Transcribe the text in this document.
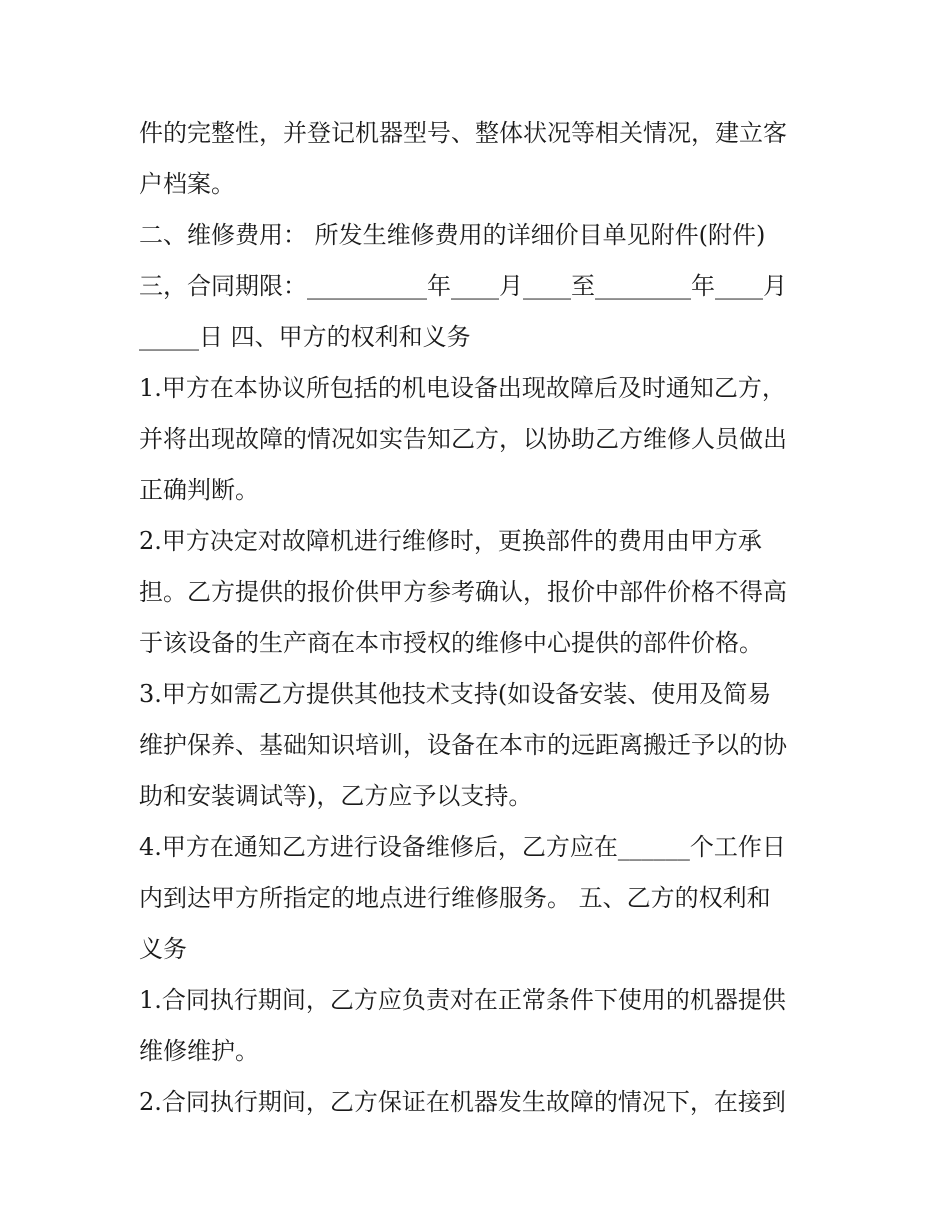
件的完整性，并登记机器型号、整体状况等相关情况，建立客
户档案。
二、维修费用： 所发生维修费用的详细价目单见附件(附件)
三，合同期限：__________年____月____至________年____月
_____日 四、甲方的权利和义务
1.甲方在本协议所包括的机电设备出现故障后及时通知乙方，
并将出现故障的情况如实告知乙方，以协助乙方维修人员做出
正确判断。
2.甲方决定对故障机进行维修时，更换部件的费用由甲方承
担。乙方提供的报价供甲方参考确认，报价中部件价格不得高
于该设备的生产商在本市授权的维修中心提供的部件价格。
3.甲方如需乙方提供其他技术支持(如设备安装、使用及简易
维护保养、基础知识培训，设备在本市的远距离搬迁予以的协
助和安装调试等)，乙方应予以支持。
4.甲方在通知乙方进行设备维修后，乙方应在______个工作日
内到达甲方所指定的地点进行维修服务。 五、乙方的权利和
义务
1.合同执行期间，乙方应负责对在正常条件下使用的机器提供
维修维护。
2.合同执行期间，乙方保证在机器发生故障的情况下，在接到
